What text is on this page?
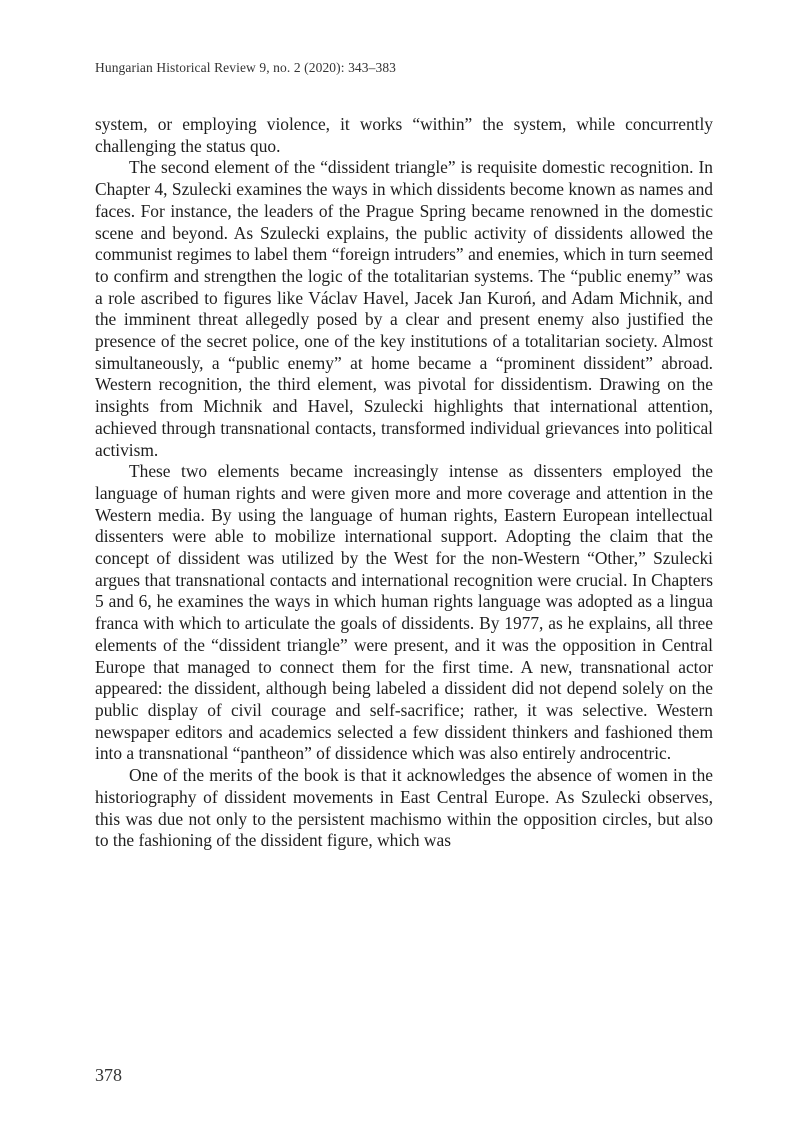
Hungarian Historical Review 9, no. 2 (2020): 343–383

system, or employing violence, it works “within” the system, while concurrently challenging the status quo.

The second element of the “dissident triangle” is requisite domestic recognition. In Chapter 4, Szulecki examines the ways in which dissidents become known as names and faces. For instance, the leaders of the Prague Spring became renowned in the domestic scene and beyond. As Szulecki explains, the public activity of dissidents allowed the communist regimes to label them “foreign intruders” and enemies, which in turn seemed to confirm and strengthen the logic of the totalitarian systems. The “public enemy” was a role ascribed to figures like Václav Havel, Jacek Jan Kuroń, and Adam Michnik, and the imminent threat allegedly posed by a clear and present enemy also justified the presence of the secret police, one of the key institutions of a totalitarian society. Almost simultaneously, a “public enemy” at home became a “prominent dissident” abroad. Western recognition, the third element, was pivotal for dissidentism. Drawing on the insights from Michnik and Havel, Szulecki highlights that international attention, achieved through transnational contacts, transformed individual grievances into political activism.

These two elements became increasingly intense as dissenters employed the language of human rights and were given more and more coverage and attention in the Western media. By using the language of human rights, Eastern European intellectual dissenters were able to mobilize international support. Adopting the claim that the concept of dissident was utilized by the West for the non-Western “Other,” Szulecki argues that transnational contacts and international recognition were crucial. In Chapters 5 and 6, he examines the ways in which human rights language was adopted as a lingua franca with which to articulate the goals of dissidents. By 1977, as he explains, all three elements of the “dissident triangle” were present, and it was the opposition in Central Europe that managed to connect them for the first time. A new, transnational actor appeared: the dissident, although being labeled a dissident did not depend solely on the public display of civil courage and self-sacrifice; rather, it was selective. Western newspaper editors and academics selected a few dissident thinkers and fashioned them into a transnational “pantheon” of dissidence which was also entirely androcentric.

One of the merits of the book is that it acknowledges the absence of women in the historiography of dissident movements in East Central Europe. As Szulecki observes, this was due not only to the persistent machismo within the opposition circles, but also to the fashioning of the dissident figure, which was

378
